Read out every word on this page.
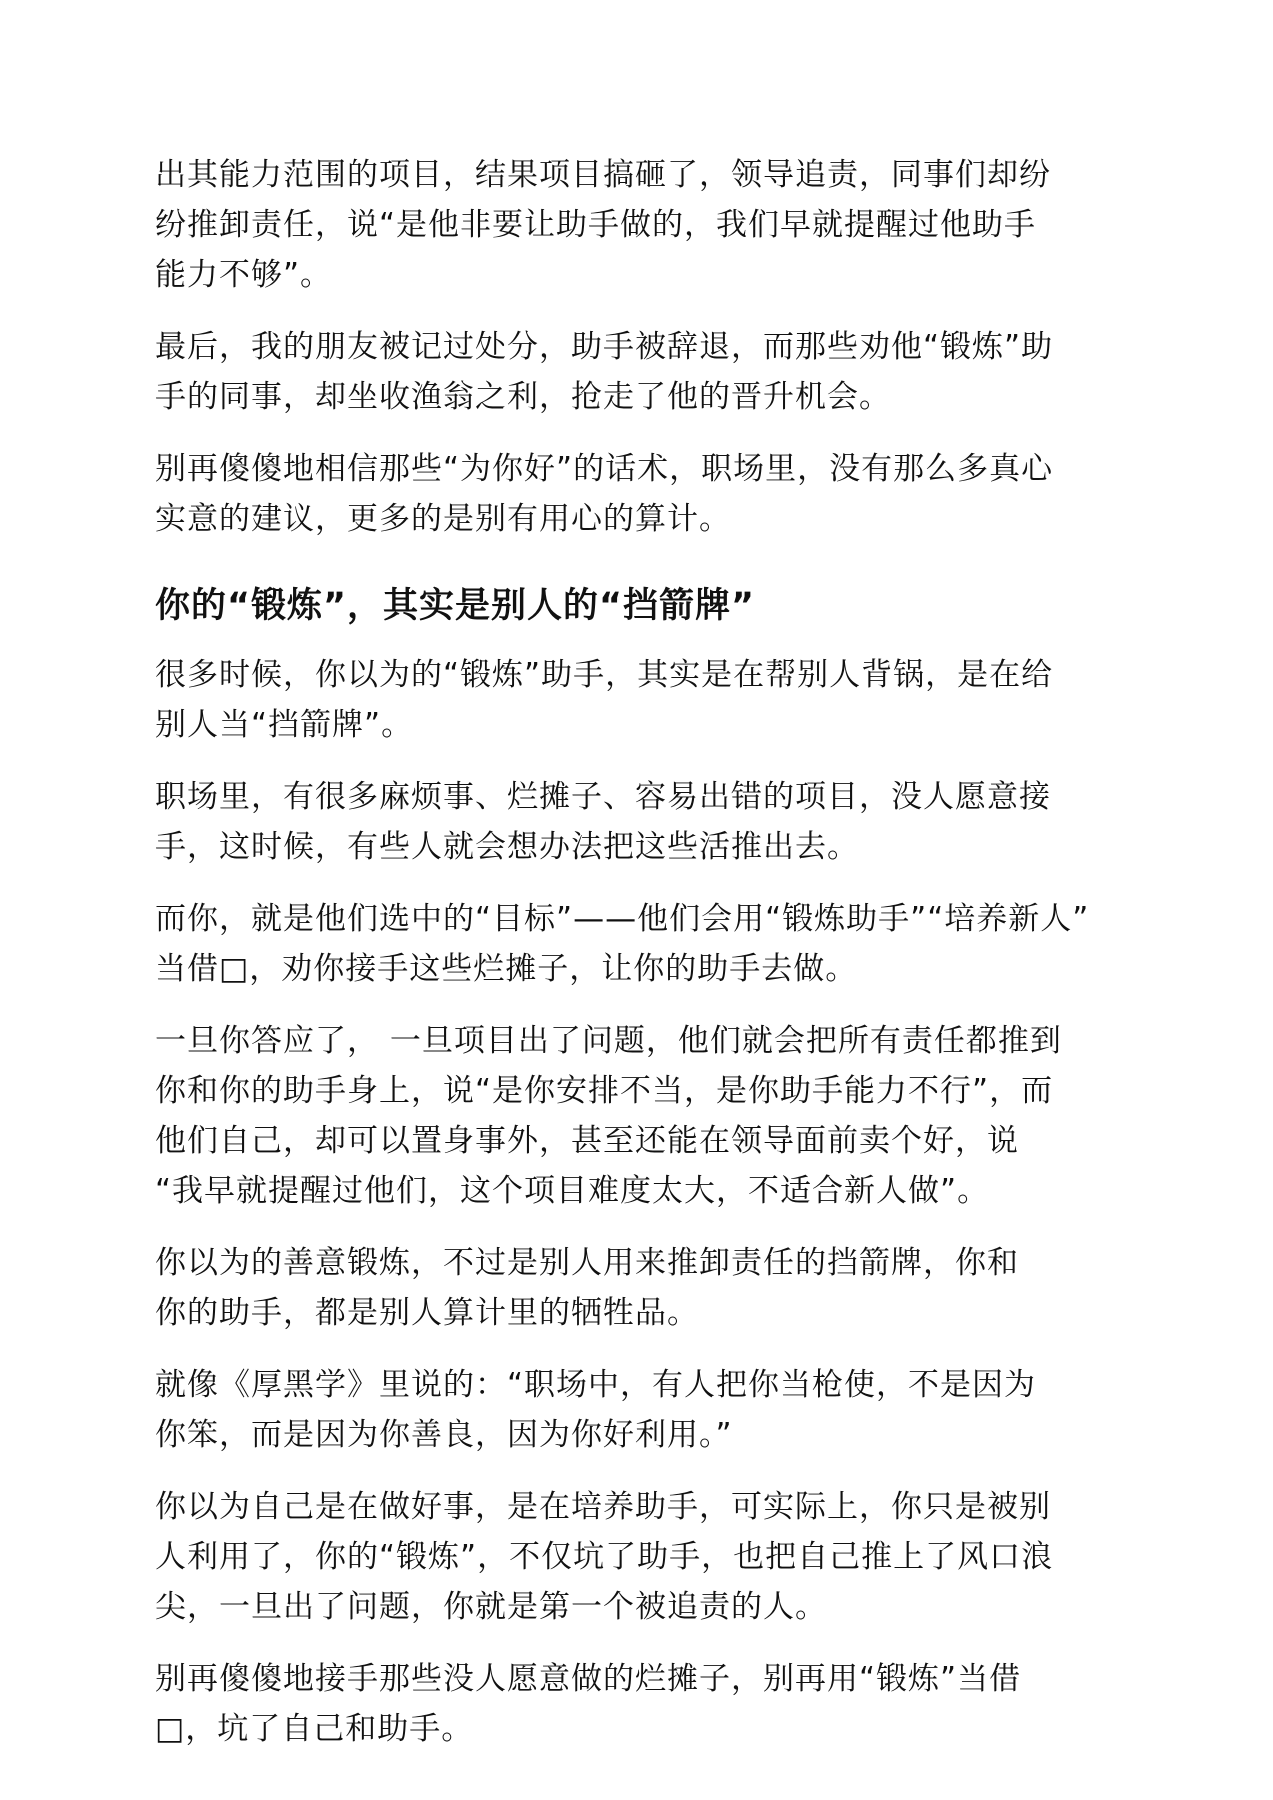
出其能力范围的项目，结果项目搞砸了，领导追责，同事们却纷
纷推卸责任，说“是他非要让助手做的，我们早就提醒过他助手
能力不够”。

最后，我的朋友被记过处分，助手被辞退，而那些劝他“锻炼”助
手的同事，却坐收渔翁之利，抢走了他的晋升机会。

别再傻傻地相信那些“为你好”的话术，职场里，没有那么多真心
实意的建议，更多的是别有用心的算计。

你的“锻炼”，其实是别人的“挡箭牌”

很多时候，你以为的“锻炼”助手，其实是在帮别人背锅，是在给
别人当“挡箭牌”。

职场里，有很多麻烦事、烂摊子、容易出错的项目，没人愿意接
手，这时候，有些人就会想办法把这些活推出去。

而你，就是他们选中的“目标”——他们会用“锻炼助手”“培养新人”
当借□，劝你接手这些烂摊子，让你的助手去做。

一旦你答应了， 一旦项目出了问题，他们就会把所有责任都推到
你和你的助手身上，说“是你安排不当，是你助手能力不行”，而
他们自己，却可以置身事外，甚至还能在领导面前卖个好，说
“我早就提醒过他们，这个项目难度太大，不适合新人做”。

你以为的善意锻炼，不过是别人用来推卸责任的挡箭牌，你和
你的助手，都是别人算计里的牺牲品。

就像《厚黑学》里说的：“职场中，有人把你当枪使，不是因为
你笨，而是因为你善良，因为你好利用。”

你以为自己是在做好事，是在培养助手，可实际上，你只是被别
人利用了，你的“锻炼”，不仅坑了助手，也把自己推上了风口浪
尖，一旦出了问题，你就是第一个被追责的人。

别再傻傻地接手那些没人愿意做的烂摊子，别再用“锻炼”当借
□，坑了自己和助手。
